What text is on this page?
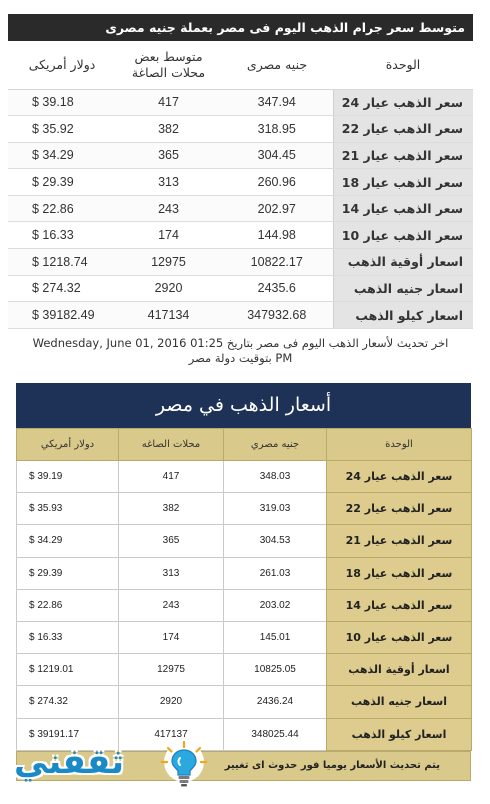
متوسط سعر جرام الذهب اليوم فى مصر بعملة جنيه مصرى
الوحدة	جنيه مصرى	متوسط بعض محلات الصاغة	دولار أمريكى
سعر الذهب عيار 24	347.94	417	$ 39.18
سعر الذهب عيار 22	318.95	382	$ 35.92
سعر الذهب عيار 21	304.45	365	$ 34.29
سعر الذهب عيار 18	260.96	313	$ 29.39
سعر الذهب عيار 14	202.97	243	$ 22.86
سعر الذهب عيار 10	144.98	174	$ 16.33
اسعار أوقية الذهب	10822.17	12975	$ 1218.74
اسعار جنيه الذهب	2435.6	2920	$ 274.32
اسعار كيلو الذهب	347932.68	417134	$ 39182.49
اخر تحديث لأسعار الذهب اليوم فى مصر بتاريخ Wednesday, June 01, 2016 01:25
PM بتوقيت دولة مصر
أسعار الذهب في مصر
الوحدة	جنيه مصري	محلات الصاغه	دولار أمريكي
سعر الذهب عيار 24	348.03	417	$ 39.19
سعر الذهب عيار 22	319.03	382	$ 35.93
سعر الذهب عيار 21	304.53	365	$ 34.29
سعر الذهب عيار 18	261.03	313	$ 29.39
سعر الذهب عيار 14	203.02	243	$ 22.86
سعر الذهب عيار 10	145.01	174	$ 16.33
اسعار أوقية الذهب	10825.05	12975	$ 1219.01
اسعار جنيه الذهب	2436.24	2920	$ 274.32
اسعار كيلو الذهب	348025.44	417137	$ 39191.17
يتم تحديث الأسعار يوميا فور حدوث اى تغيير
ثقفني
